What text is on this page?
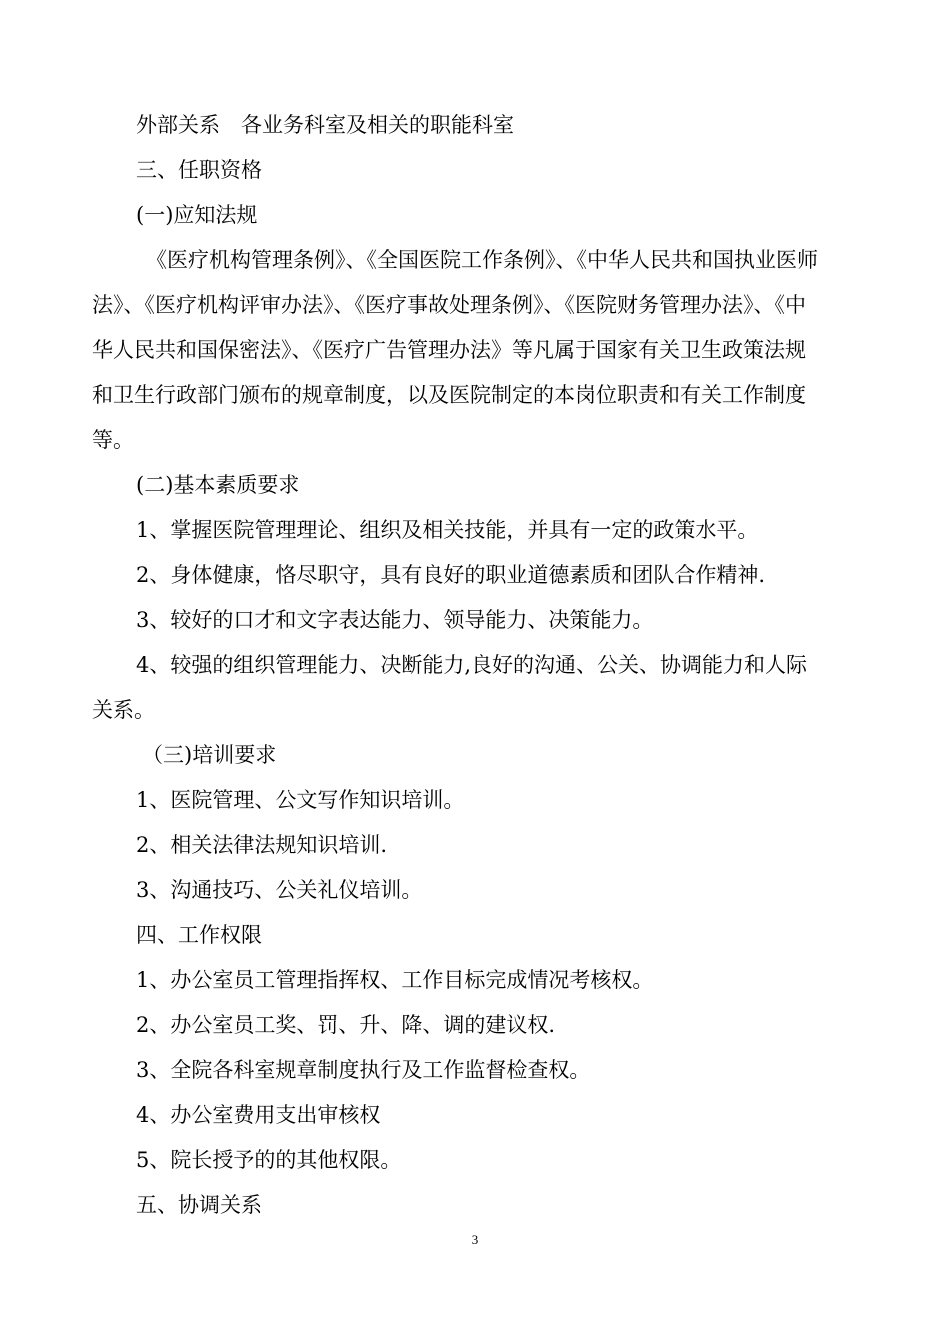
外部关系　各业务科室及相关的职能科室
三、任职资格
(一)应知法规
《医疗机构管理条例》、《全国医院工作条例》、《中华人民共和国执业医师
法》、《医疗机构评审办法》、《医疗事故处理条例》、《医院财务管理办法》、《中
华人民共和国保密法》、《医疗广告管理办法》等凡属于国家有关卫生政策法规
和卫生行政部门颁布的规章制度，以及医院制定的本岗位职责和有关工作制度
等。
(二)基本素质要求
1、掌握医院管理理论、组织及相关技能，并具有一定的政策水平。
2、身体健康，恪尽职守，具有良好的职业道德素质和团队合作精神.
3、较好的口才和文字表达能力、领导能力、决策能力。
4、较强的组织管理能力、决断能力,良好的沟通、公关、协调能力和人际
关系。
（三)培训要求
1、医院管理、公文写作知识培训。
2、相关法律法规知识培训.
3、沟通技巧、公关礼仪培训。
四、工作权限
1、办公室员工管理指挥权、工作目标完成情况考核权。
2、办公室员工奖、罚、升、降、调的建议权.
3、全院各科室规章制度执行及工作监督检查权。
4、办公室费用支出审核权
5、院长授予的的其他权限。
五、协调关系
3
